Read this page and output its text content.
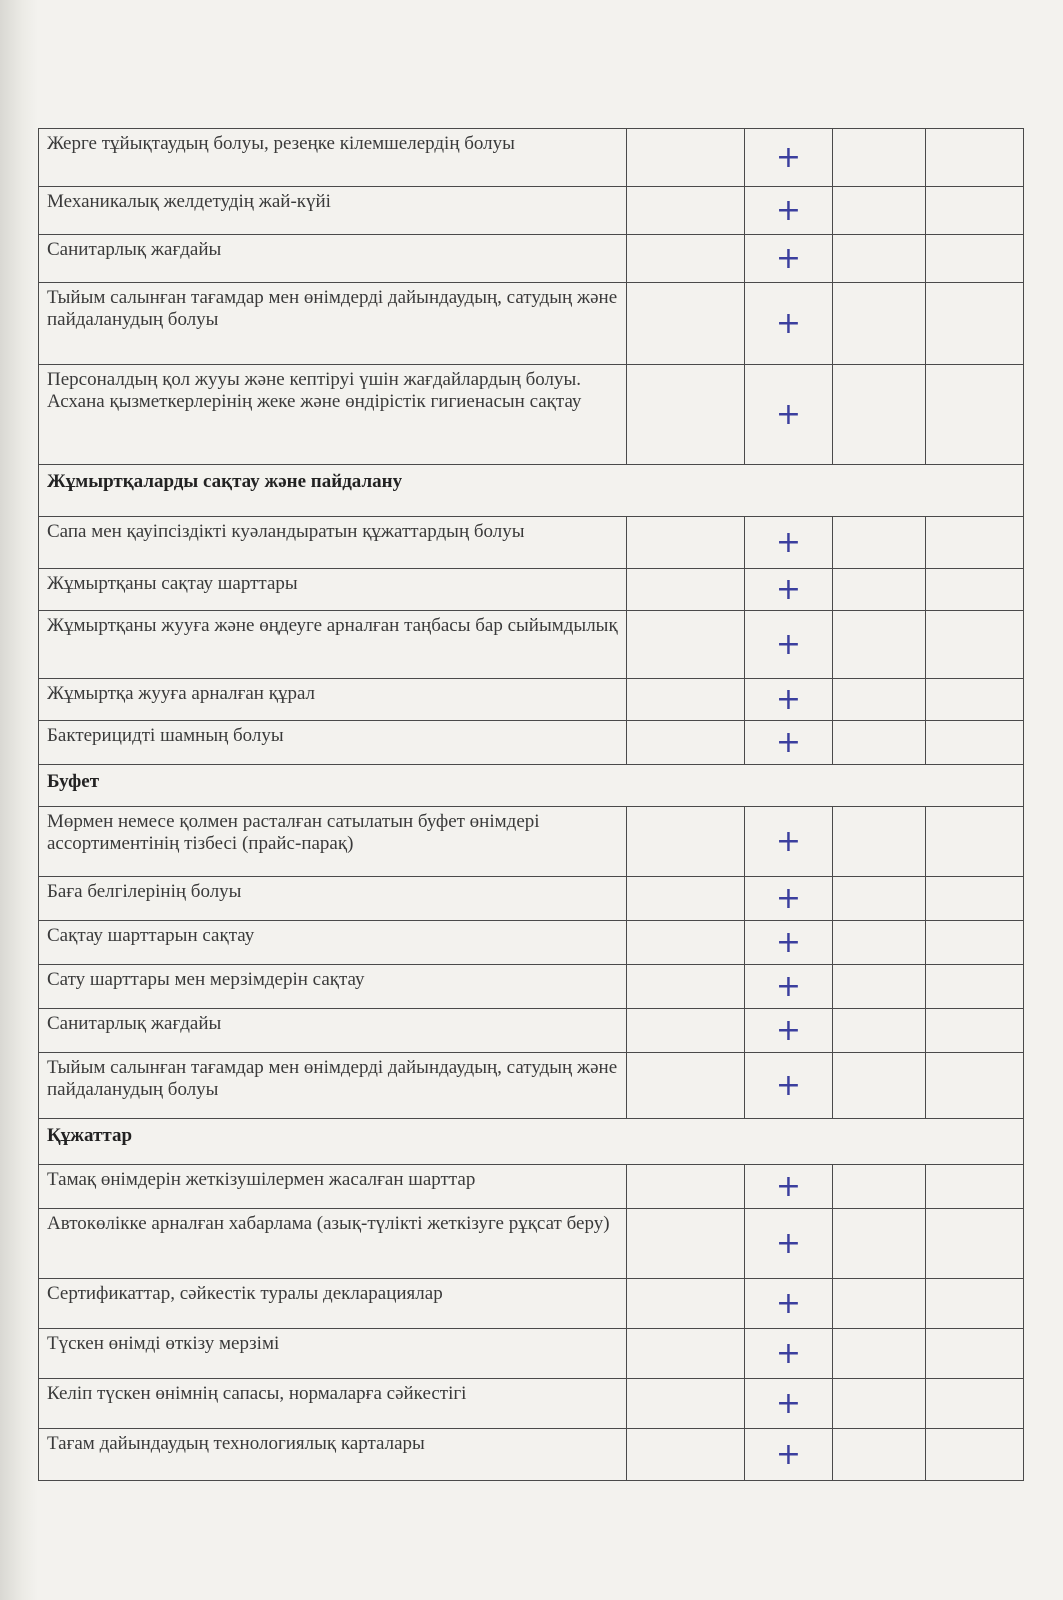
Жерге тұйықтаудың болуы, резеңке кілемшелердің болуы		+		
Механикалық желдетудің жай-күйі		+		
Санитарлық жағдайы		+		
Тыйым салынған тағамдар мен өнімдерді дайындаудың, сатудың және пайдаланудың болуы		+		
Персоналдың қол жууы және кептіруі үшін жағдайлардың болуы. Асхана қызметкерлерінің жеке және өндірістік гигиенасын сақтау		+		
Жұмыртқаларды сақтау және пайдалану				
Сапа мен қауіпсіздікті куәландыратын құжаттардың болуы		+		
Жұмыртқаны сақтау шарттары		+		
Жұмыртқаны жууға және өңдеуге арналған таңбасы бар сыйымдылық		+		
Жұмыртқа жууға арналған құрал		+		
Бактерицидті шамның болуы		+		
Буфет				
Мөрмен немесе қолмен расталған сатылатын буфет өнімдері ассортиментінің тізбесі (прайс-парақ)		+		
Баға белгілерінің болуы		+		
Сақтау шарттарын сақтау		+		
Сату шарттары мен мерзімдерін сақтау		+		
Санитарлық жағдайы		+		
Тыйым салынған тағамдар мен өнімдерді дайындаудың, сатудың және пайдаланудың болуы		+		
Құжаттар				
Тамақ өнімдерін жеткізушілермен жасалған шарттар		+		
Автокөлікке арналған хабарлама (азық-түлікті жеткізуге рұқсат беру)		+		
Сертификаттар, сәйкестік туралы декларациялар		+		
Түскен өнімді өткізу мерзімі		+		
Келіп түскен өнімнің сапасы, нормаларға сәйкестігі		+		
Тағам дайындаудың технологиялық карталары		+		
